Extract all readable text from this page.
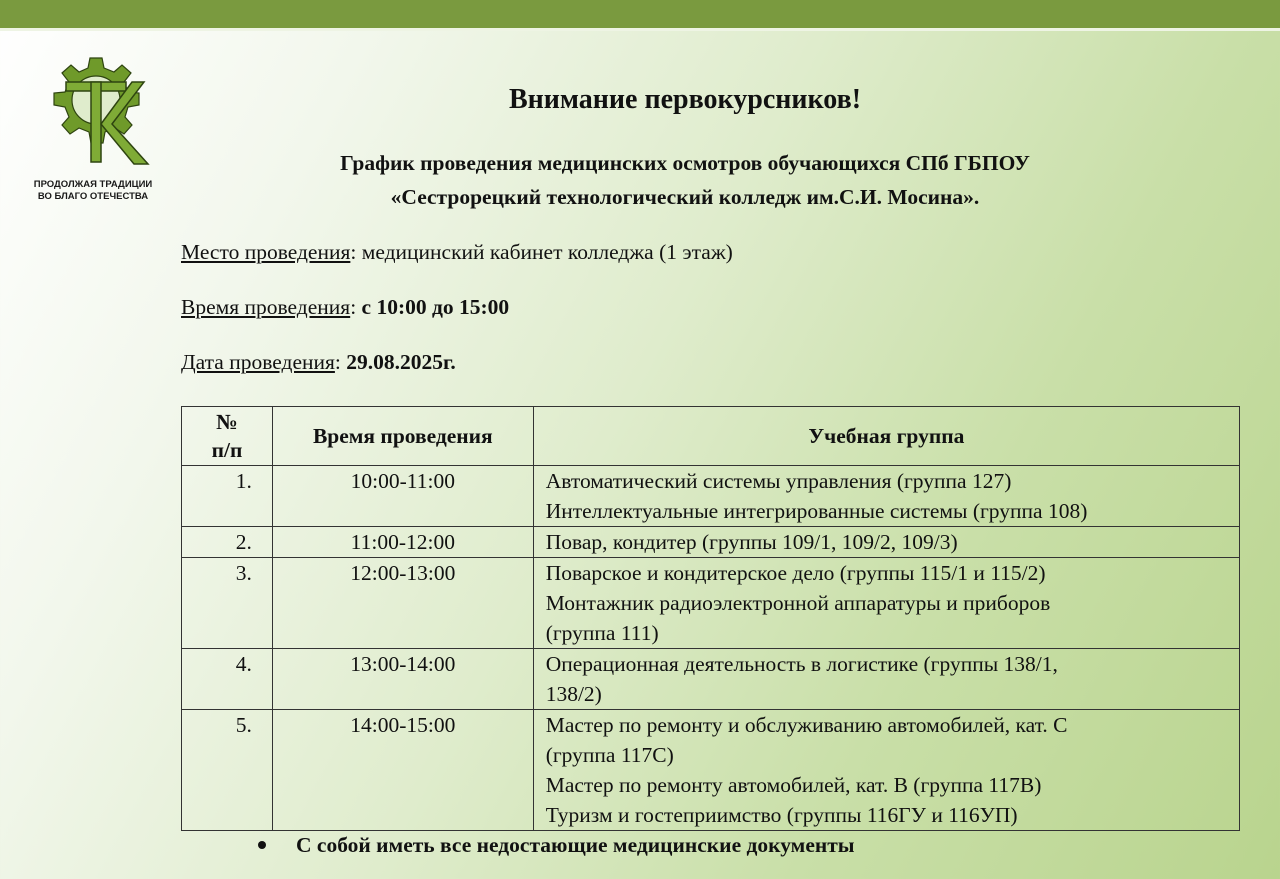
ПРОДОЛЖАЯ ТРАДИЦИИ
ВО БЛАГО ОТЕЧЕСТВА
Внимание первокурсников!
График проведения медицинских осмотров обучающихся СПб ГБПОУ
«Сестрорецкий технологический колледж им.С.И. Мосина».
Место проведения: медицинский кабинет колледжа (1 этаж)
Время проведения: с 10:00 до 15:00
Дата проведения: 29.08.2025г.
№
п/п	Время проведения	Учебная группа
1.	10:00-11:00	Автоматический системы управления (группа 127)
Интеллектуальные интегрированные системы (группа 108)

2.	11:00-12:00	Повар, кондитер (группы 109/1, 109/2, 109/3)

3.	12:00-13:00	Поварское и кондитерское дело (группы 115/1 и 115/2)
Монтажник радиоэлектронной аппаратуры и приборов
(группа 111)

4.	13:00-14:00	Операционная деятельность в логистике (группы 138/1,
138/2)

5.	14:00-15:00	Мастер по ремонту и обслуживанию автомобилей, кат. С
(группа 117С)
Мастер по ремонту автомобилей, кат. В (группа 117В)
Туризм и гостеприимство (группы 116ГУ и 116УП)
С собой иметь все недостающие медицинские документы
